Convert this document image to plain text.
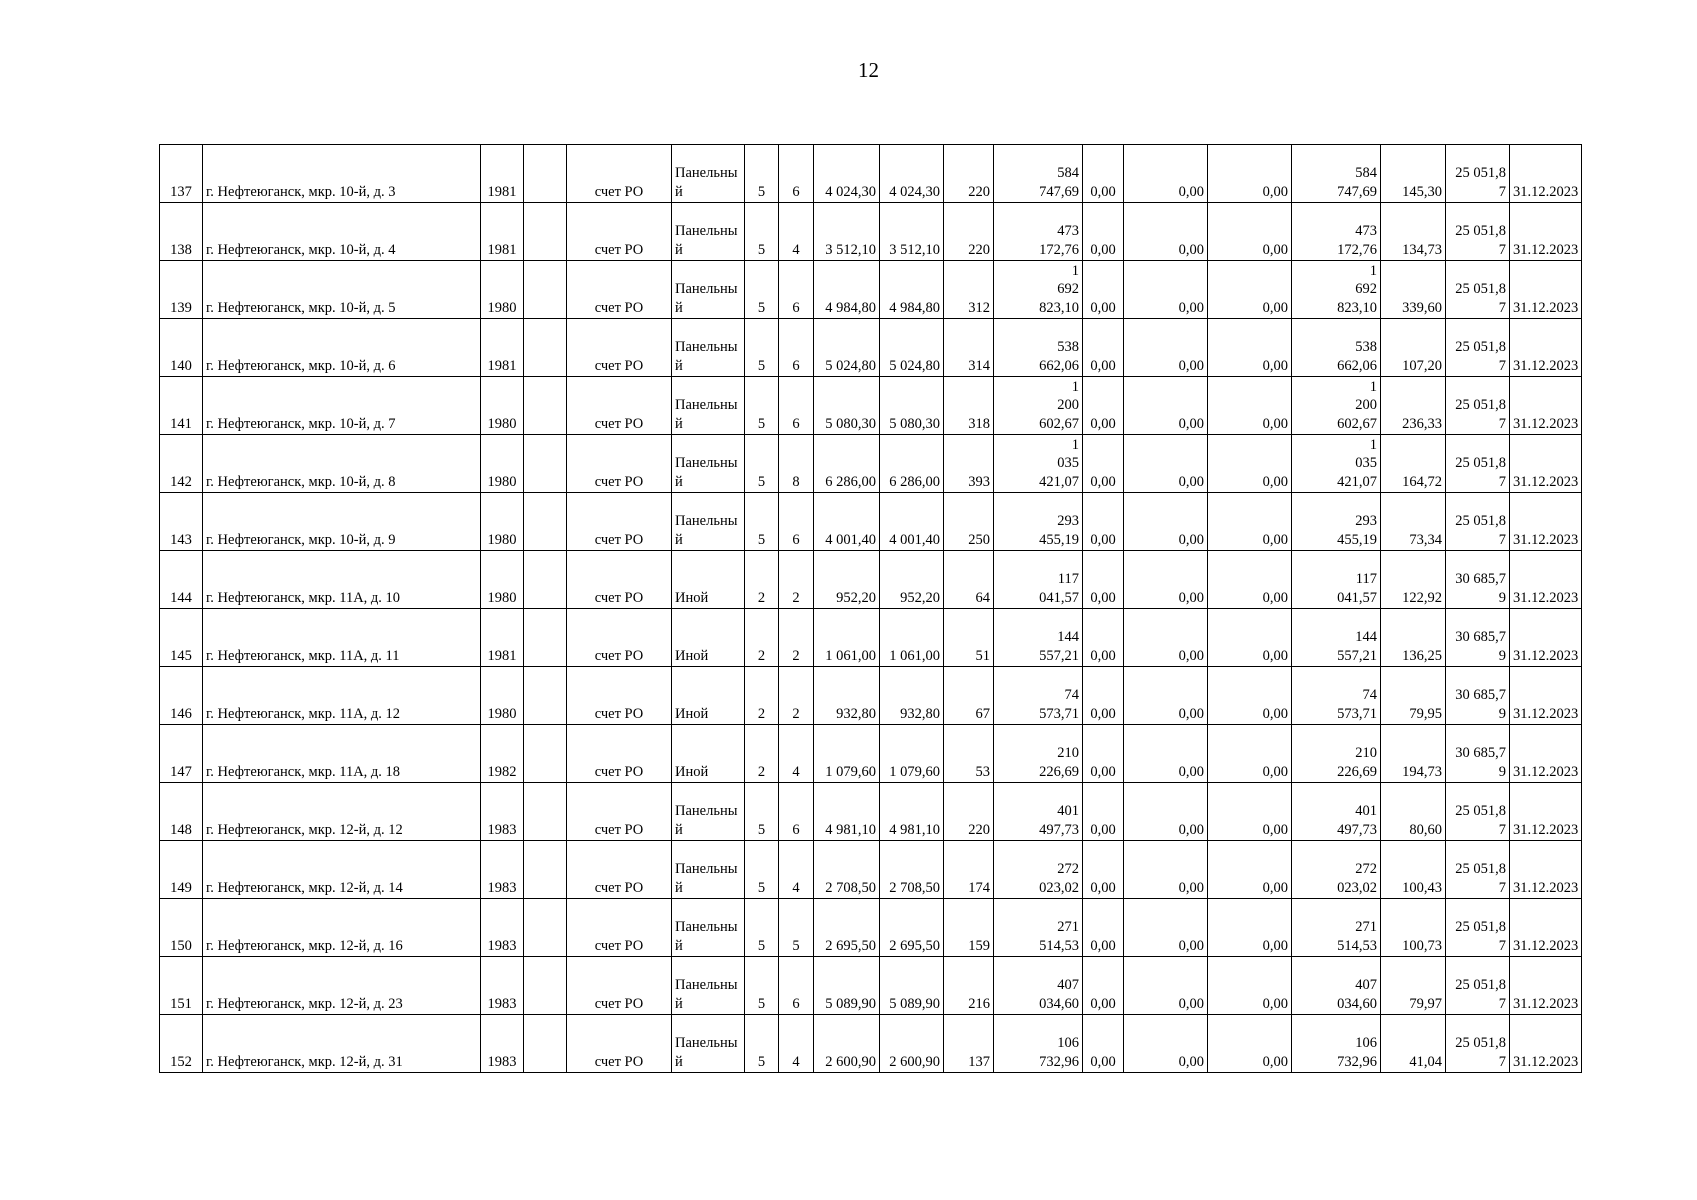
12
137	г. Нефтеюганск, мкр. 10-й, д. 3	1981		счет РО	Панельный	5	6	4 024,30	4 024,30	220	584 747,69	0,00	0,00	0,00	584 747,69	145,30	25 051,87	31.12.2023
138	г. Нефтеюганск, мкр. 10-й, д. 4	1981		счет РО	Панельный	5	4	3 512,10	3 512,10	220	473 172,76	0,00	0,00	0,00	473 172,76	134,73	25 051,87	31.12.2023
139	г. Нефтеюганск, мкр. 10-й, д. 5	1980		счет РО	Панельный	5	6	4 984,80	4 984,80	312	1 692 823,10	0,00	0,00	0,00	1 692 823,10	339,60	25 051,87	31.12.2023
140	г. Нефтеюганск, мкр. 10-й, д. 6	1981		счет РО	Панельный	5	6	5 024,80	5 024,80	314	538 662,06	0,00	0,00	0,00	538 662,06	107,20	25 051,87	31.12.2023
141	г. Нефтеюганск, мкр. 10-й, д. 7	1980		счет РО	Панельный	5	6	5 080,30	5 080,30	318	1 200 602,67	0,00	0,00	0,00	1 200 602,67	236,33	25 051,87	31.12.2023
142	г. Нефтеюганск, мкр. 10-й, д. 8	1980		счет РО	Панельный	5	8	6 286,00	6 286,00	393	1 035 421,07	0,00	0,00	0,00	1 035 421,07	164,72	25 051,87	31.12.2023
143	г. Нефтеюганск, мкр. 10-й, д. 9	1980		счет РО	Панельный	5	6	4 001,40	4 001,40	250	293 455,19	0,00	0,00	0,00	293 455,19	73,34	25 051,87	31.12.2023
144	г. Нефтеюганск, мкр. 11А, д. 10	1980		счет РО	Иной	2	2	952,20	952,20	64	117 041,57	0,00	0,00	0,00	117 041,57	122,92	30 685,79	31.12.2023
145	г. Нефтеюганск, мкр. 11А, д. 11	1981		счет РО	Иной	2	2	1 061,00	1 061,00	51	144 557,21	0,00	0,00	0,00	144 557,21	136,25	30 685,79	31.12.2023
146	г. Нефтеюганск, мкр. 11А, д. 12	1980		счет РО	Иной	2	2	932,80	932,80	67	74 573,71	0,00	0,00	0,00	74 573,71	79,95	30 685,79	31.12.2023
147	г. Нефтеюганск, мкр. 11А, д. 18	1982		счет РО	Иной	2	4	1 079,60	1 079,60	53	210 226,69	0,00	0,00	0,00	210 226,69	194,73	30 685,79	31.12.2023
148	г. Нефтеюганск, мкр. 12-й, д. 12	1983		счет РО	Панельный	5	6	4 981,10	4 981,10	220	401 497,73	0,00	0,00	0,00	401 497,73	80,60	25 051,87	31.12.2023
149	г. Нефтеюганск, мкр. 12-й, д. 14	1983		счет РО	Панельный	5	4	2 708,50	2 708,50	174	272 023,02	0,00	0,00	0,00	272 023,02	100,43	25 051,87	31.12.2023
150	г. Нефтеюганск, мкр. 12-й, д. 16	1983		счет РО	Панельный	5	5	2 695,50	2 695,50	159	271 514,53	0,00	0,00	0,00	271 514,53	100,73	25 051,87	31.12.2023
151	г. Нефтеюганск, мкр. 12-й, д. 23	1983		счет РО	Панельный	5	6	5 089,90	5 089,90	216	407 034,60	0,00	0,00	0,00	407 034,60	79,97	25 051,87	31.12.2023
152	г. Нефтеюганск, мкр. 12-й, д. 31	1983		счет РО	Панельный	5	4	2 600,90	2 600,90	137	106 732,96	0,00	0,00	0,00	106 732,96	41,04	25 051,87	31.12.2023
